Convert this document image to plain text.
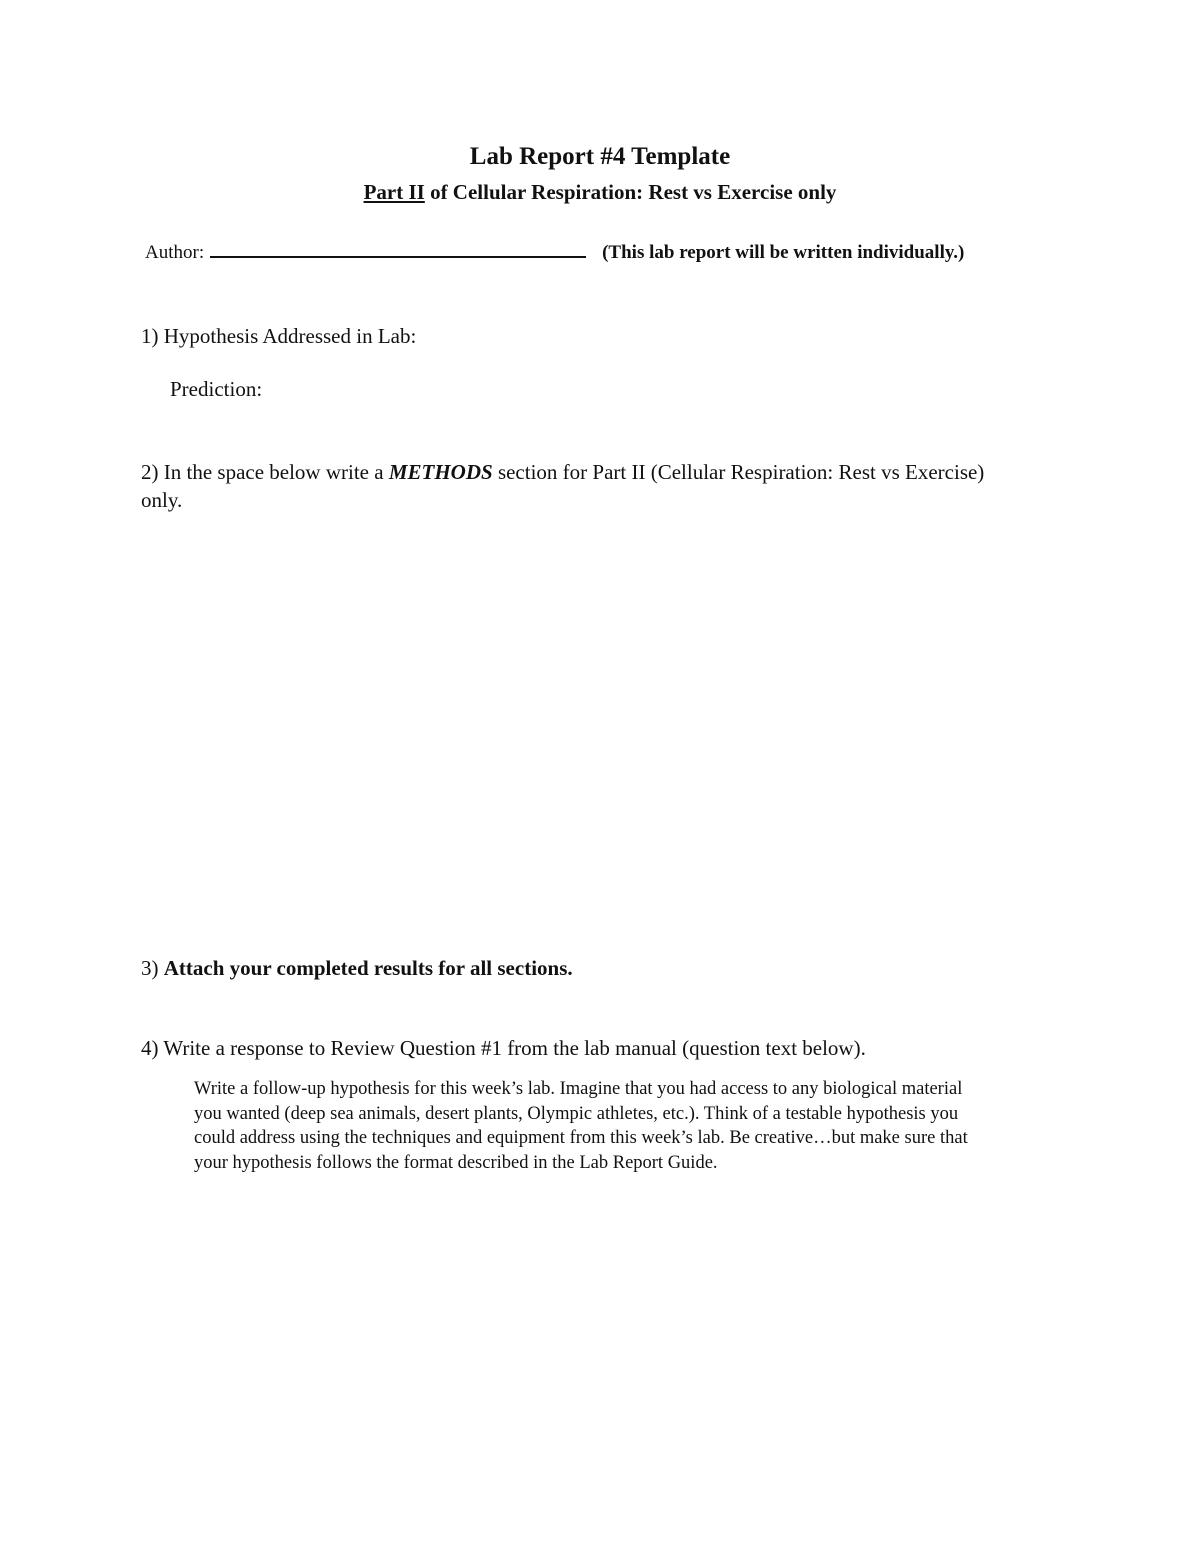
Lab Report #4 Template
Part II of Cellular Respiration: Rest vs Exercise only
Author:	(This lab report will be written individually.)
1) Hypothesis Addressed in Lab:
Prediction:
2) In the space below write a METHODS section for Part II (Cellular Respiration: Rest vs Exercise) only.
3) Attach your completed results for all sections.
4) Write a response to Review Question #1 from the lab manual (question text below).
Write a follow-up hypothesis for this week’s lab. Imagine that you had access to any biological material you wanted (deep sea animals, desert plants, Olympic athletes, etc.). Think of a testable hypothesis you could address using the techniques and equipment from this week’s lab. Be creative…but make sure that your hypothesis follows the format described in the Lab Report Guide.
